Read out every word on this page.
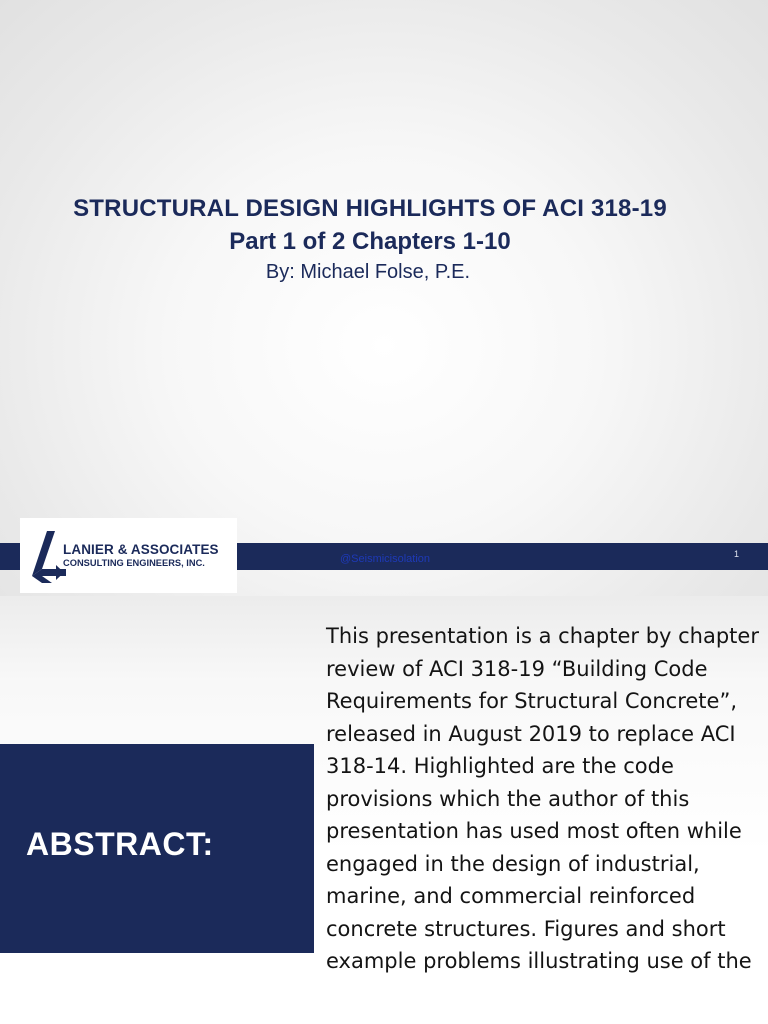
STRUCTURAL DESIGN HIGHLIGHTS OF ACI 318-19
Part 1 of 2 Chapters 1-10
By: Michael Folse, P.E.
@Seismicisolation	1
LANIER & ASSOCIATES
CONSULTING ENGINEERS, INC.
ABSTRACT:
This presentation is a chapter by chapter review of ACI 318-19 “Building Code Requirements for Structural Concrete”, released in August 2019 to replace ACI 318-14. Highlighted are the code provisions which the author of this presentation has used most often while engaged in the design of industrial, marine, and commercial reinforced concrete structures. Figures and short example problems illustrating use of the
